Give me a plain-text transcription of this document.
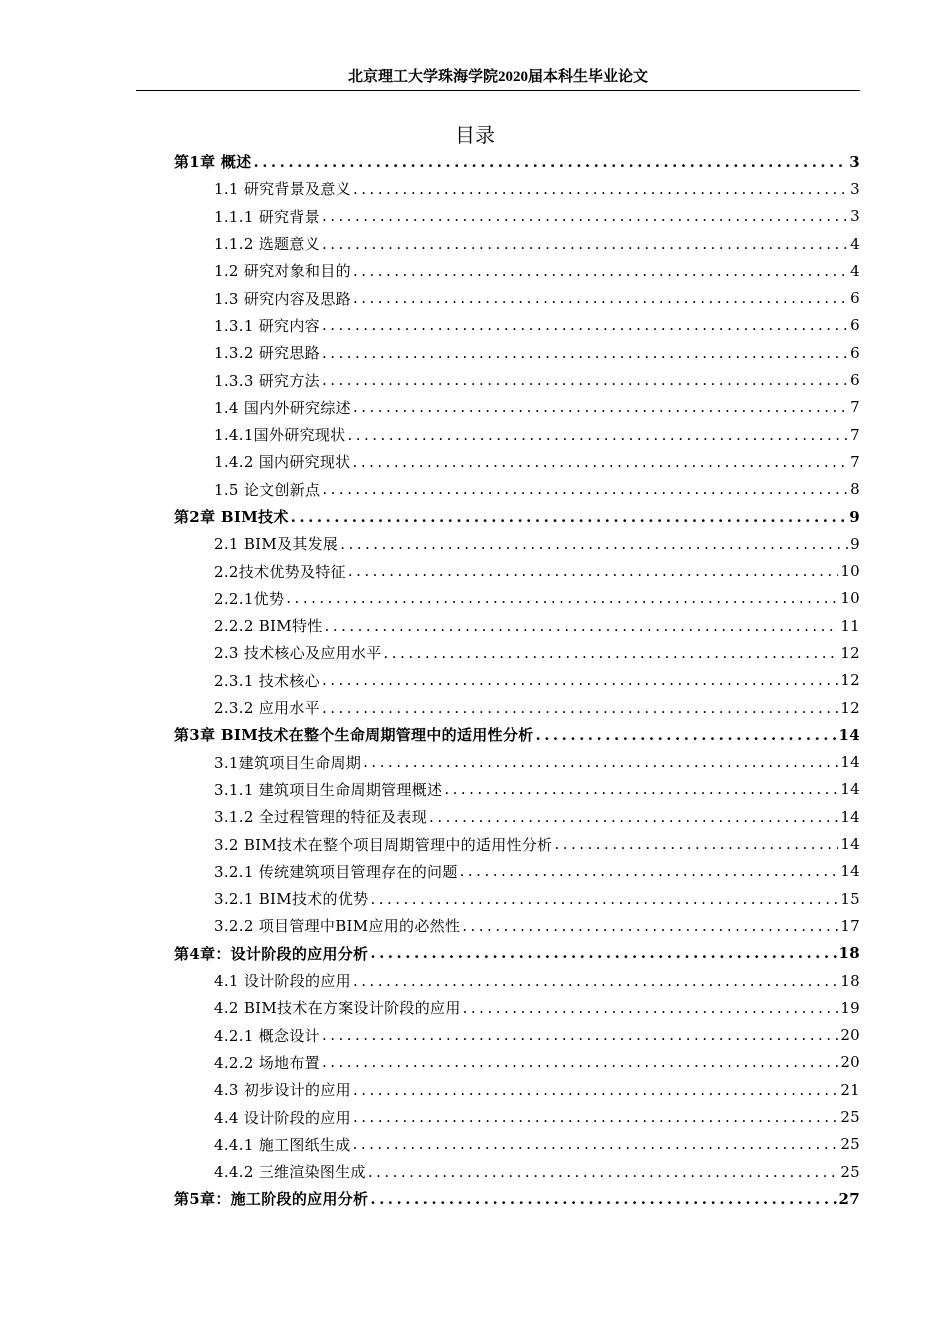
北京理工大学珠海学院2020届本科生毕业论文
目录
第1章 概述 .....	3
1.1 研究背景及意义 .....	3
1.1.1 研究背景 .....	3
1.1.2 选题意义 .....	4
1.2 研究对象和目的 .....	4
1.3 研究内容及思路 .....	6
1.3.1 研究内容 .....	6
1.3.2 研究思路 .....	6
1.3.3 研究方法 .....	6
1.4 国内外研究综述 .....	7
1.4.1国外研究现状 .....	7
1.4.2 国内研究现状 .....	7
1.5 论文创新点 .....	8
第2章 BIM技术 .....	9
2.1 BIM及其发展 .....	9
2.2技术优势及特征 .....	10
2.2.1优势 .....	10
2.2.2 BIM特性 .....	11
2.3 技术核心及应用水平 .....	12
2.3.1 技术核心 .....	12
2.3.2 应用水平 .....	12
第3章 BIM技术在整个生命周期管理中的适用性分析 .....	14
3.1建筑项目生命周期 .....	14
3.1.1 建筑项目生命周期管理概述 .....	14
3.1.2 全过程管理的特征及表现 .....	14
3.2 BIM技术在整个项目周期管理中的适用性分析 .....	14
3.2.1 传统建筑项目管理存在的问题 .....	14
3.2.1 BIM技术的优势 .....	15
3.2.2 项目管理中BIM应用的必然性 .....	17
第4章：设计阶段的应用分析 .....	18
4.1 设计阶段的应用 .....	18
4.2 BIM技术在方案设计阶段的应用 .....	19
4.2.1 概念设计 .....	20
4.2.2 场地布置 .....	20
4.3 初步设计的应用 .....	21
4.4 设计阶段的应用 .....	25
4.4.1 施工图纸生成 .....	25
4.4.2 三维渲染图生成 .....	25
第5章：施工阶段的应用分析 .....	27
